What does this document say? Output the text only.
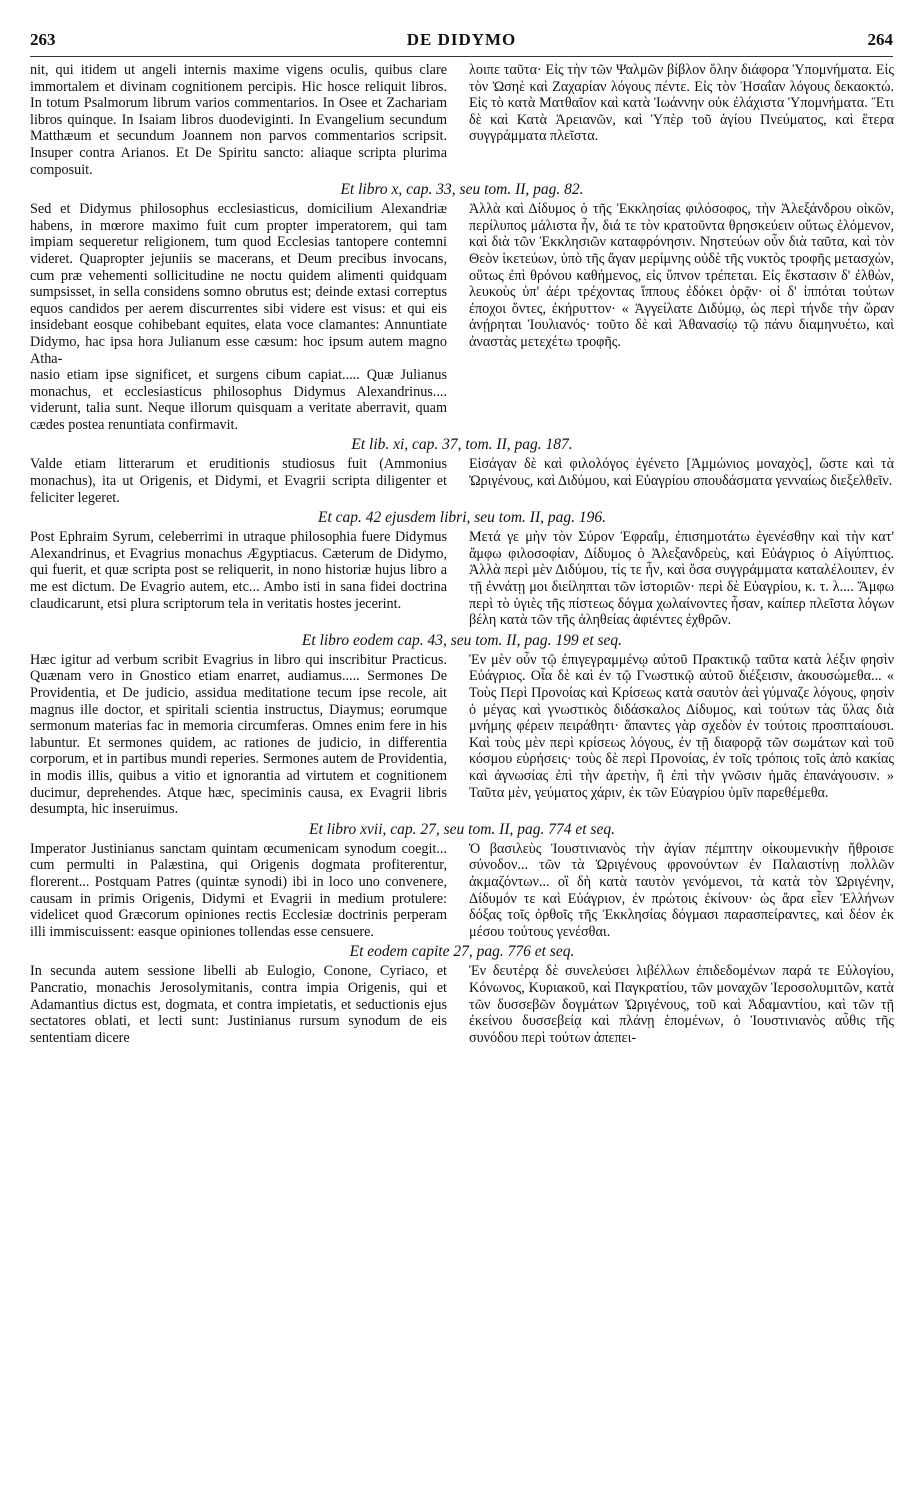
263	DE DIDYMO	264
nit, qui itidem ut angeli internis maxime vigens oculis, quibus clare immortalem et divinam cognitionem percipis. Hic hosce reliquit libros. In totum Psalmorum librum varios commentarios. In Osee et Zachariam libros quinque. In Isaiam libros duodeviginti. In Evangelium secundum Matthæum et secundum Joannem non parvos commentarios scripsit. Insuper contra Arianos. Et De Spiritu sancto: aliaque scripta plurima composuit.
λοιπε ταῦτα· Εἰς τὴν τῶν Ψαλμῶν βίβλον ὅλην διάφορα Ὑπομνήματα. Εἰς τὸν Ὠσηὲ καὶ Ζαχαρίαν λόγους πέντε. Εἰς τὸν Ἠσαΐαν λόγους δεκαοκτώ. Εἰς τὸ κατὰ Ματθαῖον καὶ κατὰ Ἰωάννην οὐκ ἐλάχιστα Ὑπομνήματα. Ἔτι δὲ καὶ Κατὰ Ἀρειανῶν, καὶ Ὑπὲρ τοῦ ἁγίου Πνεύματος, καὶ ἕτερα συγγράμματα πλεῖστα.
Et libro x, cap. 33, seu tom. II, pag. 82.
Sed et Didymus philosophus ecclesiasticus, domicilium Alexandriæ habens, in mœrore maximo fuit cum propter imperatorem, qui tam impiam sequeretur religionem, tum quod Ecclesias tantopere contemni videret. Quapropter jejuniis se macerans, et Deum precibus invocans, cum præ vehementi sollicitudine ne noctu quidem alimenti quidquam sumpsisset, in sella considens somno obrutus est; deinde extasi correptus equos candidos per aerem discurrentes sibi videre est visus: et qui eis insidebant eosque cohibebant equites, elata voce clamantes: Annuntiate Didymo, hac ipsa hora Julianum esse cæsum: hoc ipsum autem magno Atha-
Ἀλλὰ καὶ Δίδυμος ὁ τῆς Ἐκκλησίας φιλόσοφος, τὴν Ἀλεξάνδρου οἰκῶν, περίλυπος μάλιστα ἦν, διά τε τὸν κρατοῦντα θρησκεύειν οὕτως ἑλόμενον, καὶ διὰ τῶν Ἐκκλησιῶν καταφρόνησιν. Νηστεύων οὖν διὰ ταῦτα, καὶ τὸν Θεὸν ἱκετεύων, ὑπὸ τῆς ἄγαν μερίμνης οὐδὲ τῆς νυκτὸς τροφῆς μετασχὼν, οὕτως ἐπὶ θρόνου καθήμενος, εἰς ὕπνον τρέπεται. Εἰς ἔκστασιν δ' ἐλθὼν, λευκοὺς ὑπ' ἀέρι τρέχοντας ἵππους ἐδόκει ὁρᾷν· οἱ δ' ἱππόται τούτων ἐποχοι ὄντες, ἐκήρυττον· « Ἀγγείλατε Διδύμῳ, ὡς περὶ τήνδε τὴν ὥραν ἀνῄρηται Ἰουλιανός· τοῦτο δὲ καὶ Ἀθανασίῳ τῷ πάνυ διαμηνυέτω, καὶ ἀναστὰς μετεχέτω τροφῆς.
nasio etiam ipse significet, et surgens cibum capiat..... Quæ Julianus monachus, et ecclesiasticus philosophus Didymus Alexandrinus.... viderunt, talia sunt. Neque illorum quisquam a veritate aberravit, quam cædes postea renuntiata confirmavit.
Et lib. xi, cap. 37, tom. II, pag. 187.
Valde etiam litterarum et eruditionis studiosus fuit (Ammonius monachus), ita ut Origenis, et Didymi, et Evagrii scripta diligenter et feliciter legeret.
Εἰσάγαν δὲ καὶ φιλολόγος ἐγένετο [Ἀμμώνιος μοναχὸς], ὥστε καὶ τὰ Ὠριγένους, καὶ Διδύμου, καὶ Εὐαγρίου σπουδάσματα γενναίως διεξελθεῖν.
Et cap. 42 ejusdem libri, seu tom. II, pag. 196.
Post Ephraim Syrum, celeberrimi in utraque philosophia fuere Didymus Alexandrinus, et Evagrius monachus Ægyptiacus. Cæterum de Didymo, qui fuerit, et quæ scripta post se reliquerit, in nono historiæ hujus libro a me est dictum. De Evagrio autem, etc... Ambo isti in sana fidei doctrina claudicarunt, etsi plura scriptorum tela in veritatis hostes jecerint.
Μετά γε μὴν τὸν Σύρον Ἐφραΐμ, ἐπισημοτάτω ἐγενέσθην καὶ τὴν κατ' ἄμφω φιλοσοφίαν, Δίδυμος ὁ Ἀλεξανδρεὺς, καὶ Εὐάγριος ὁ Αἰγύπτιος. Ἀλλὰ περὶ μὲν Διδύμου, τίς τε ἦν, καὶ ὅσα συγγράμματα καταλέλοιπεν, ἐν τῇ ἐννάτῃ μοι διείληπται τῶν ἱστοριῶν· περὶ δὲ Εὐαγρίου, κ. τ. λ.... Ἄμφω περὶ τὸ ὑγιὲς τῆς πίστεως δόγμα χωλαίνοντες ἦσαν, καίπερ πλεῖστα λόγων βέλη κατὰ τῶν τῆς ἀληθείας ἀφιέντες ἐχθρῶν.
Et libro eodem cap. 43, seu tom. II, pag. 199 et seq.
Hæc igitur ad verbum scribit Evagrius in libro qui inscribitur Practicus. Quænam vero in Gnostico etiam enarret, audiamus..... Sermones De Providentia, et De judicio, assidua meditatione tecum ipse recole, ait magnus ille doctor, et spiritali scientia instructus, Diaymus; eorumque sermonum materias fac in memoria circumferas. Omnes enim fere in his labuntur. Et sermones quidem, ac rationes de judicio, in differentia corporum, et in partibus mundi reperies. Sermones autem de Providentia, in modis illis, quibus a vitio et ignorantia ad virtutem et cognitionem ducimur, deprehendes. Atque hæc, speciminis causa, ex Evagrii libris desumpta, hic inseruimus.
Ἐν μὲν οὖν τῷ ἐπιγεγραμμένῳ αὐτοῦ Πρακτικῷ ταῦτα κατὰ λέξιν φησὶν Εὐάγριος. Οἷα δὲ καὶ ἐν τῷ Γνωστικῷ αὐτοῦ διέξεισιν, ἀκουσώμεθα... « Τοὺς Περὶ Προνοίας καὶ Κρίσεως κατὰ σαυτὸν ἀεὶ γύμναζε λόγους, φησὶν ὁ μέγας καὶ γνωστικὸς διδάσκαλος Δίδυμος, καὶ τούτων τὰς ὕλας διὰ μνήμης φέρειν πειράθητι· ἅπαντες γὰρ σχεδὸν ἐν τούτοις προσπταίουσι. Καὶ τοὺς μὲν περὶ κρίσεως λόγους, ἐν τῇ διαφορᾷ τῶν σωμάτων καὶ τοῦ κόσμου εὑρήσεις· τοὺς δὲ περὶ Προνοίας, ἐν τοῖς τρόποις τοῖς ἀπὸ κακίας καὶ ἀγνωσίας ἐπὶ τὴν ἀρετὴν, ἢ ἐπὶ τὴν γνῶσιν ἡμᾶς ἐπανάγουσιν. » Ταῦτα μὲν, γεύματος χάριν, ἐκ τῶν Εὐαγρίου ὑμῖν παρεθέμεθα.
Et libro xvii, cap. 27, seu tom. II, pag. 774 et seq.
Imperator Justinianus sanctam quintam œcumenicam synodum coegit... cum permulti in Palæstina, qui Origenis dogmata profiterentur, florerent... Postquam Patres (quintæ synodi) ibi in loco uno convenere, causam in primis Origenis, Didymi et Evagrii in medium protulere: videlicet quod Græcorum opiniones rectis Ecclesiæ doctrinis perperam illi immiscuissent: easque opiniones tollendas esse censuere.
Ὁ βασιλεὺς Ἰουστινιανὸς τὴν ἁγίαν πέμπτην οἰκουμενικὴν ἤθροισε σύνοδον... τῶν τὰ Ὠριγένους φρονούντων ἐν Παλαιστίνῃ πολλῶν ἀκμαζόντων... οἳ δὴ κατὰ ταυτὸν γενόμενοι, τὰ κατὰ τὸν Ὠριγένην, Δίδυμόν τε καὶ Εὐάγριον, ἐν πρώτοις ἐκίνουν· ὡς ἄρα εἶεν Ἑλλήνων δόξας τοῖς ὀρθοῖς τῆς Ἐκκλησίας δόγμασι παρασπείραντες, καὶ δέον ἐκ μέσου τούτους γενέσθαι.
Et eodem capite 27, pag. 776 et seq.
In secunda autem sessione libelli ab Eulogio, Conone, Cyriaco, et Pancratio, monachis Jerosolymitanis, contra impia Origenis, qui et Adamantius dictus est, dogmata, et contra impietatis, et seductionis ejus sectatores oblati, et lecti sunt: Justinianus rursum synodum de eis sententiam dicere
Ἐν δευτέρᾳ δὲ συνελεύσει λιβέλλων ἐπιδεδομένων παρά τε Εὐλογίου, Κόνωνος, Κυριακοῦ, καὶ Παγκρατίου, τῶν μοναχῶν Ἱεροσολυμιτῶν, κατὰ τῶν δυσσεβῶν δογμάτων Ὠριγένους, τοῦ καὶ Ἀδαμαντίου, καὶ τῶν τῇ ἐκείνου δυσσεβείᾳ καὶ πλάνῃ ἑπομένων, ὁ Ἰουστινιανὸς αὖθις τῆς συνόδου περὶ τούτων ἀπεπει-
